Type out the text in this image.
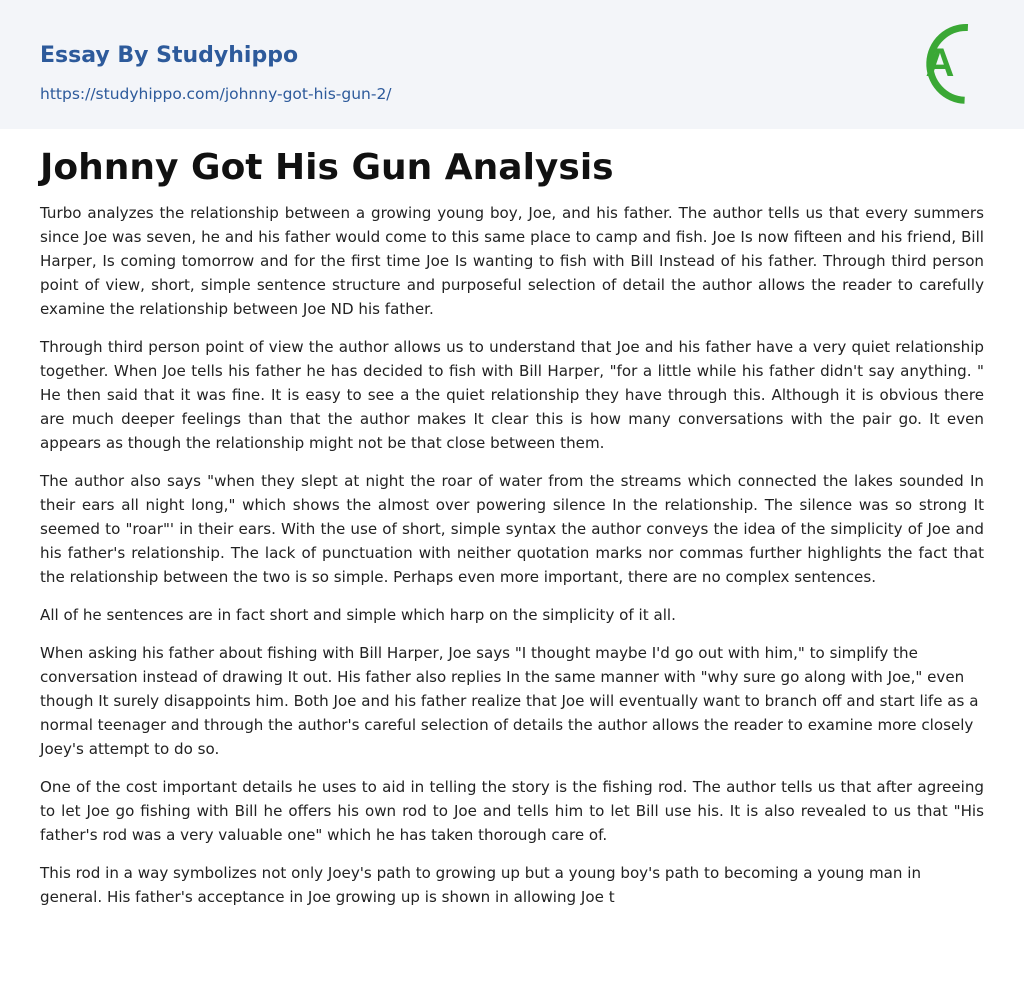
Essay By Studyhippo
https://studyhippo.com/johnny-got-his-gun-2/
A
Johnny Got His Gun Analysis

Turbo analyzes the relationship between a growing young boy, Joe, and his father. The author tells us that every summers since Joe was seven, he and his father would come to this same place to camp and fish. Joe Is now fifteen and his friend, Bill Harper, Is coming tomorrow and for the first time Joe Is wanting to fish with Bill Instead of his father. Through third person point of view, short, simple sentence structure and purposeful selection of detail the author allows the reader to carefully examine the relationship between Joe ND his father.

Through third person point of view the author allows us to understand that Joe and his father have a very quiet relationship together. When Joe tells his father he has decided to fish with Bill Harper, "for a little while his father didn't say anything. " He then said that it was fine. It is easy to see a the quiet relationship they have through this. Although it is obvious there are much deeper feelings than that the author makes It clear this is how many conversations with the pair go. It even appears as though the relationship might not be that close between them.

The author also says "when they slept at night the roar of water from the streams which connected the lakes sounded In their ears all night long," which shows the almost over powering silence In the relationship. The silence was so strong It seemed to "roar"' in their ears. With the use of short, simple syntax the author conveys the idea of the simplicity of Joe and his father's relationship. The lack of punctuation with neither quotation marks nor commas further highlights the fact that the relationship between the two is so simple. Perhaps even more important, there are no complex sentences.

All of he sentences are in fact short and simple which harp on the simplicity of it all.

When asking his father about fishing with Bill Harper, Joe says "I thought maybe I'd go out with him," to simplify the conversation instead of drawing It out. His father also replies In the same manner with "why sure go along with Joe," even though It surely disappoints him. Both Joe and his father realize that Joe will eventually want to branch off and start life as a normal teenager and through the author's careful selection of details the author allows the reader to examine more closely Joey's attempt to do so.

One of the cost important details he uses to aid in telling the story is the fishing rod. The author tells us that after agreeing to let Joe go fishing with Bill he offers his own rod to Joe and tells him to let Bill use his. It is also revealed to us that "His father's rod was a very valuable one" which he has taken thorough care of.

This rod in a way symbolizes not only Joey's path to growing up but a young boy's path to becoming a young man in general. His father's acceptance in Joe growing up is shown in allowing Joe t
